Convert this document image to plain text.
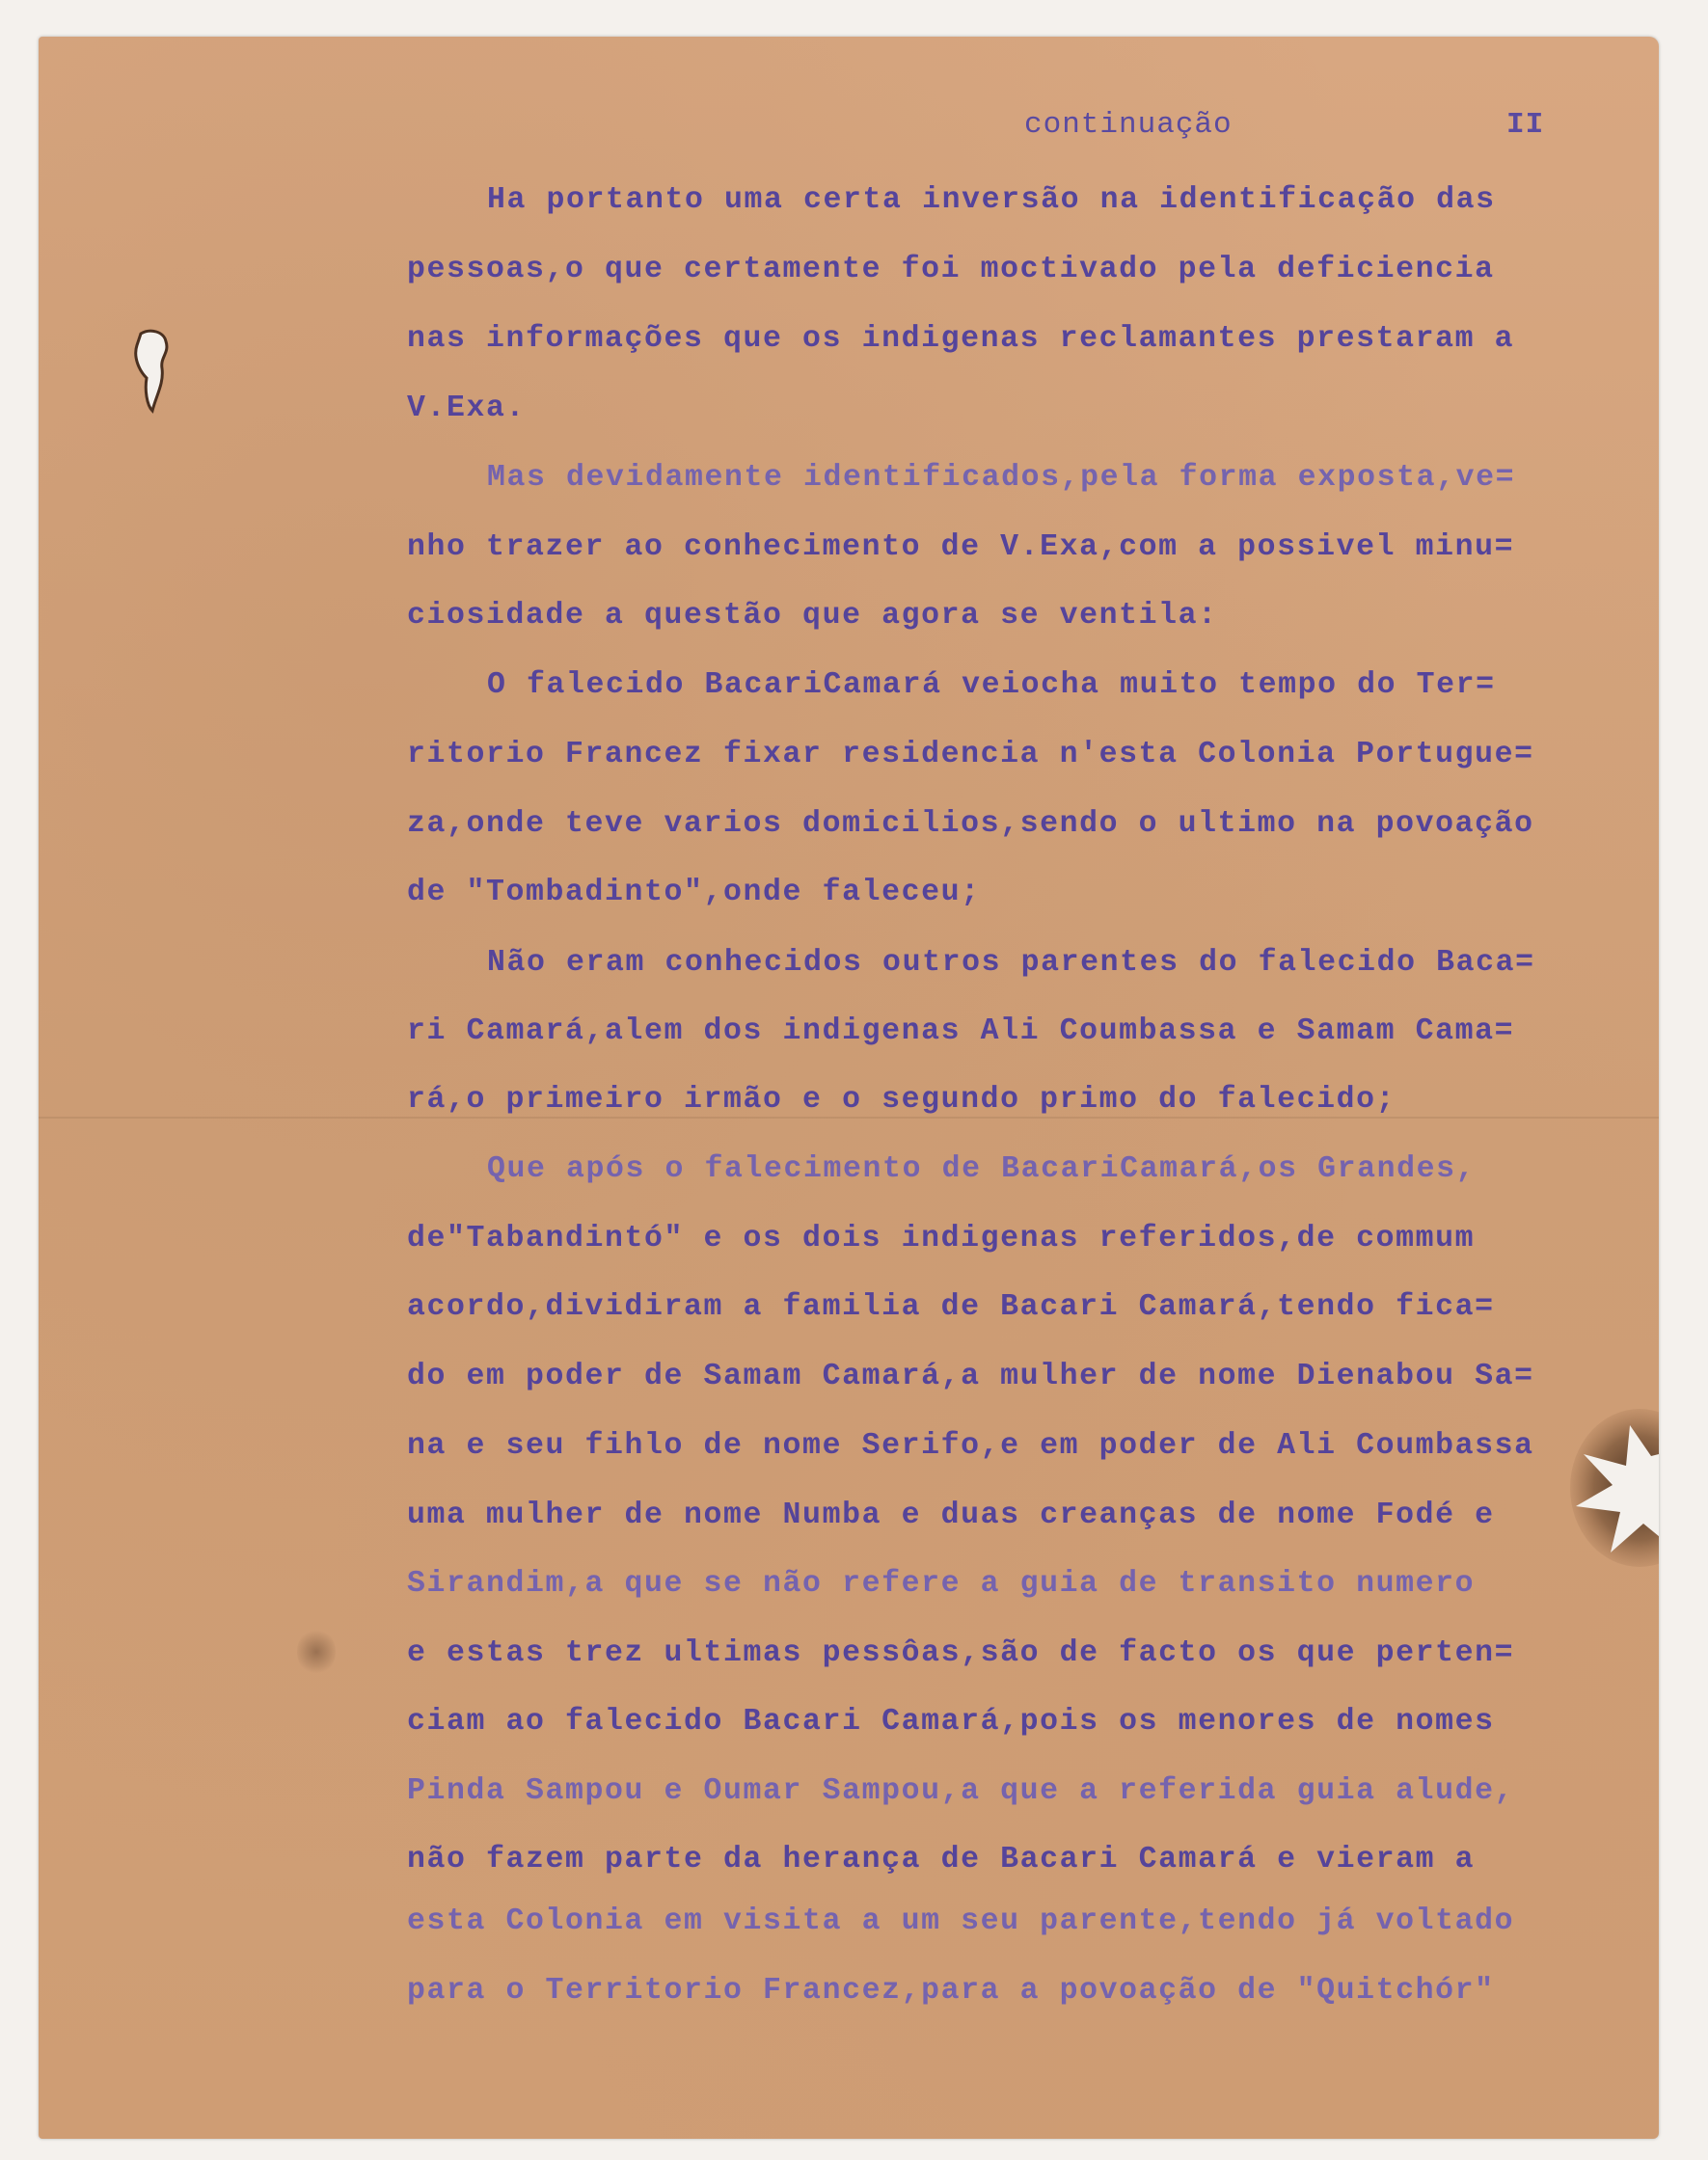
continuação	II
Ha portanto uma certa inversão na identificação das
pessoas,o que certamente foi moctivado pela deficiencia
nas informações que os indigenas reclamantes prestaram a
V.Exa.
Mas devidamente identificados,pela forma exposta,ve=
nho trazer ao conhecimento de V.Exa,com a possivel minu=
ciosidade a questão que agora se ventila:
O falecido BacariCamará veiocha muito tempo do Ter=
ritorio Francez fixar residencia n'esta Colonia Portugue=
za,onde teve varios domicilios,sendo o ultimo na povoação
de "Tombadinto",onde faleceu;
Não eram conhecidos outros parentes do falecido Baca=
ri Camará,alem dos indigenas Ali Coumbassa e Samam Cama=
rá,o primeiro irmão e o segundo primo do falecido;
Que após o falecimento de BacariCamará,os Grandes,
de"Tabandintó" e os dois indigenas referidos,de commum
acordo,dividiram a familia de Bacari Camará,tendo fica=
do em poder de Samam Camará,a mulher de nome Dienabou Sa=
na e seu fihlo de nome Serifo,e em poder de Ali Coumbassa
uma mulher de nome Numba e duas creanças de nome Fodé e
Sirandim,a que se não refere a guia de transito numero
e estas trez ultimas pessôas,são de facto os que perten=
ciam ao falecido Bacari Camará,pois os menores de nomes
Pinda Sampou e Oumar Sampou,a que a referida guia alude,
não fazem parte da herança de Bacari Camará e vieram a
esta Colonia em visita a um seu parente,tendo já voltado
para o Territorio Francez,para a povoação de "Quitchór"
